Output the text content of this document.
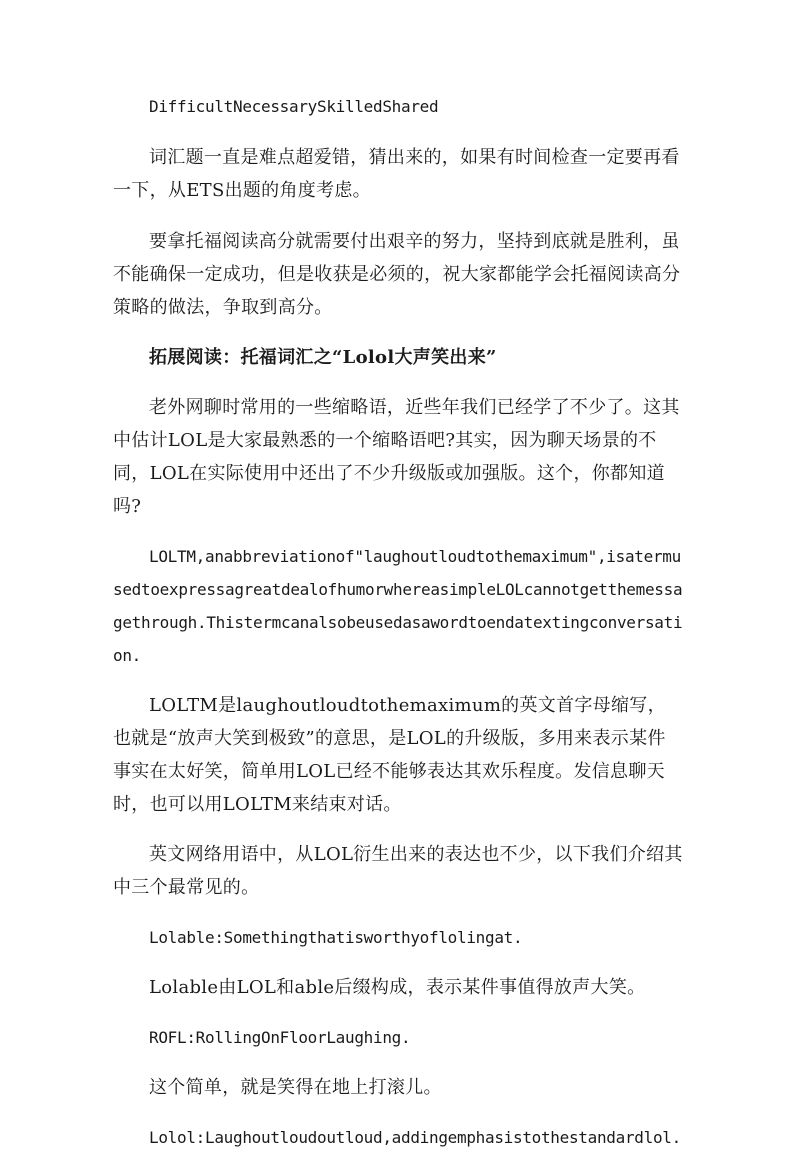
DifficultNecessarySkilledShared

词汇题一直是难点超爱错，猜出来的，如果有时间检查一定要再看一下，从ETS出题的角度考虑。

要拿托福阅读高分就需要付出艰辛的努力，坚持到底就是胜利，虽不能确保一定成功，但是收获是必须的，祝大家都能学会托福阅读高分策略的做法，争取到高分。

拓展阅读：托福词汇之“Lolol大声笑出来”

老外网聊时常用的一些缩略语，近些年我们已经学了不少了。这其中估计LOL是大家最熟悉的一个缩略语吧?其实，因为聊天场景的不同，LOL在实际使用中还出了不少升级版或加强版。这个，你都知道吗?

LOLTM,anabbreviationof"laughoutloudtothemaximum",isatermusedtoexpressagreatdealofhumorwhereasimpleLOLcannotgetthemessagethrough.Thistermcanalsobeusedasawordtoendatextingconversation.

LOLTM是laughoutloudtothemaximum的英文首字母缩写，也就是“放声大笑到极致”的意思，是LOL的升级版，多用来表示某件事实在太好笑，简单用LOL已经不能够表达其欢乐程度。发信息聊天时，也可以用LOLTM来结束对话。

英文网络用语中，从LOL衍生出来的表达也不少，以下我们介绍其中三个最常见的。

Lolable:Somethingthatisworthyoflolingat.

Lolable由LOL和able后缀构成，表示某件事值得放声大笑。

ROFL:RollingOnFloorLaughing.

这个简单，就是笑得在地上打滚儿。

Lolol:Laughoutloudoutloud,addingemphasistothestandardlol.
